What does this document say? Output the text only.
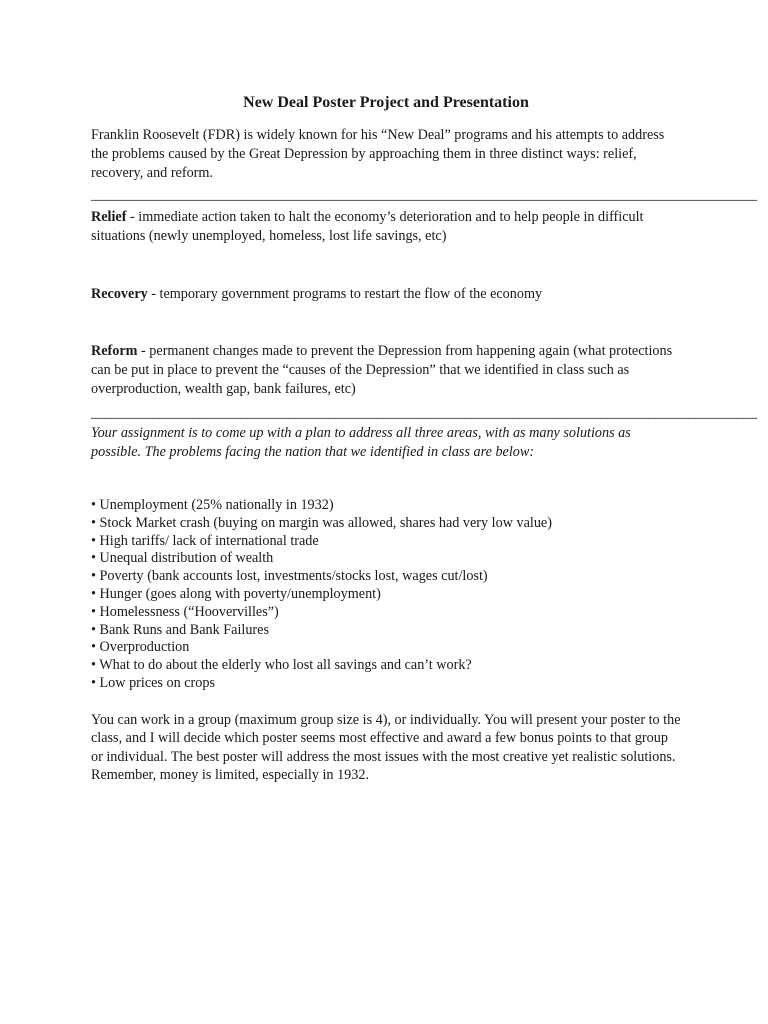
New Deal Poster Project and Presentation

Franklin Roosevelt (FDR) is widely known for his “New Deal” programs and his attempts to address the problems caused by the Great Depression by approaching them in three distinct ways: relief, recovery, and reform.

__________________________________________________________________________________________________

Relief - immediate action taken to halt the economy’s deterioration and to help people in difficult situations (newly unemployed, homeless, lost life savings, etc)

Recovery - temporary government programs to restart the flow of the economy

Reform - permanent changes made to prevent the Depression from happening again (what protections can be put in place to prevent the “causes of the Depression” that we identified in class such as overproduction, wealth gap, bank failures, etc)

__________________________________________________________________________________________________

Your assignment is to come up with a plan to address all three areas, with as many solutions as possible. The problems facing the nation that we identified in class are below:

• Unemployment (25% nationally in 1932)
• Stock Market crash (buying on margin was allowed, shares had very low value)
• High tariffs/ lack of international trade
• Unequal distribution of wealth
• Poverty (bank accounts lost, investments/stocks lost, wages cut/lost)
• Hunger (goes along with poverty/unemployment)
• Homelessness (“Hoovervilles”)
• Bank Runs and Bank Failures
• Overproduction
• What to do about the elderly who lost all savings and can’t work?
• Low prices on crops

You can work in a group (maximum group size is 4), or individually. You will present your poster to the class, and I will decide which poster seems most effective and award a few bonus points to that group or individual. The best poster will address the most issues with the most creative yet realistic solutions. Remember, money is limited, especially in 1932.
